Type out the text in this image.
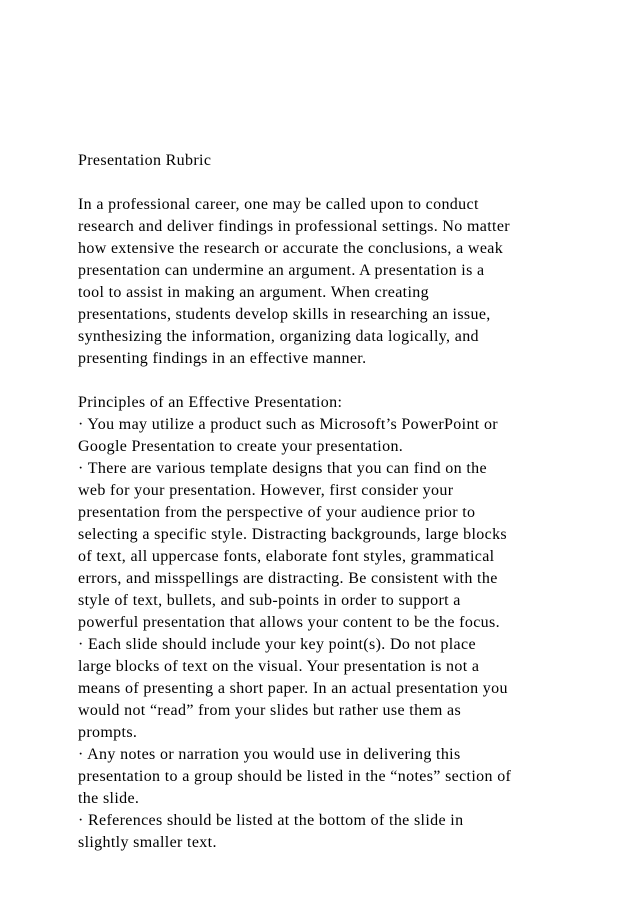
Presentation Rubric
In a professional career, one may be called upon to conduct
research and deliver findings in professional settings. No matter
how extensive the research or accurate the conclusions, a weak
presentation can undermine an argument. A presentation is a
tool to assist in making an argument. When creating
presentations, students develop skills in researching an issue,
synthesizing the information, organizing data logically, and
presenting findings in an effective manner.
Principles of an Effective Presentation:
· You may utilize a product such as Microsoft’s PowerPoint or
Google Presentation to create your presentation.
· There are various template designs that you can find on the
web for your presentation. However, first consider your
presentation from the perspective of your audience prior to
selecting a specific style. Distracting backgrounds, large blocks
of text, all uppercase fonts, elaborate font styles, grammatical
errors, and misspellings are distracting. Be consistent with the
style of text, bullets, and sub-points in order to support a
powerful presentation that allows your content to be the focus.
· Each slide should include your key point(s). Do not place
large blocks of text on the visual. Your presentation is not a
means of presenting a short paper. In an actual presentation you
would not “read” from your slides but rather use them as
prompts.
· Any notes or narration you would use in delivering this
presentation to a group should be listed in the “notes” section of
the slide.
· References should be listed at the bottom of the slide in
slightly smaller text.
